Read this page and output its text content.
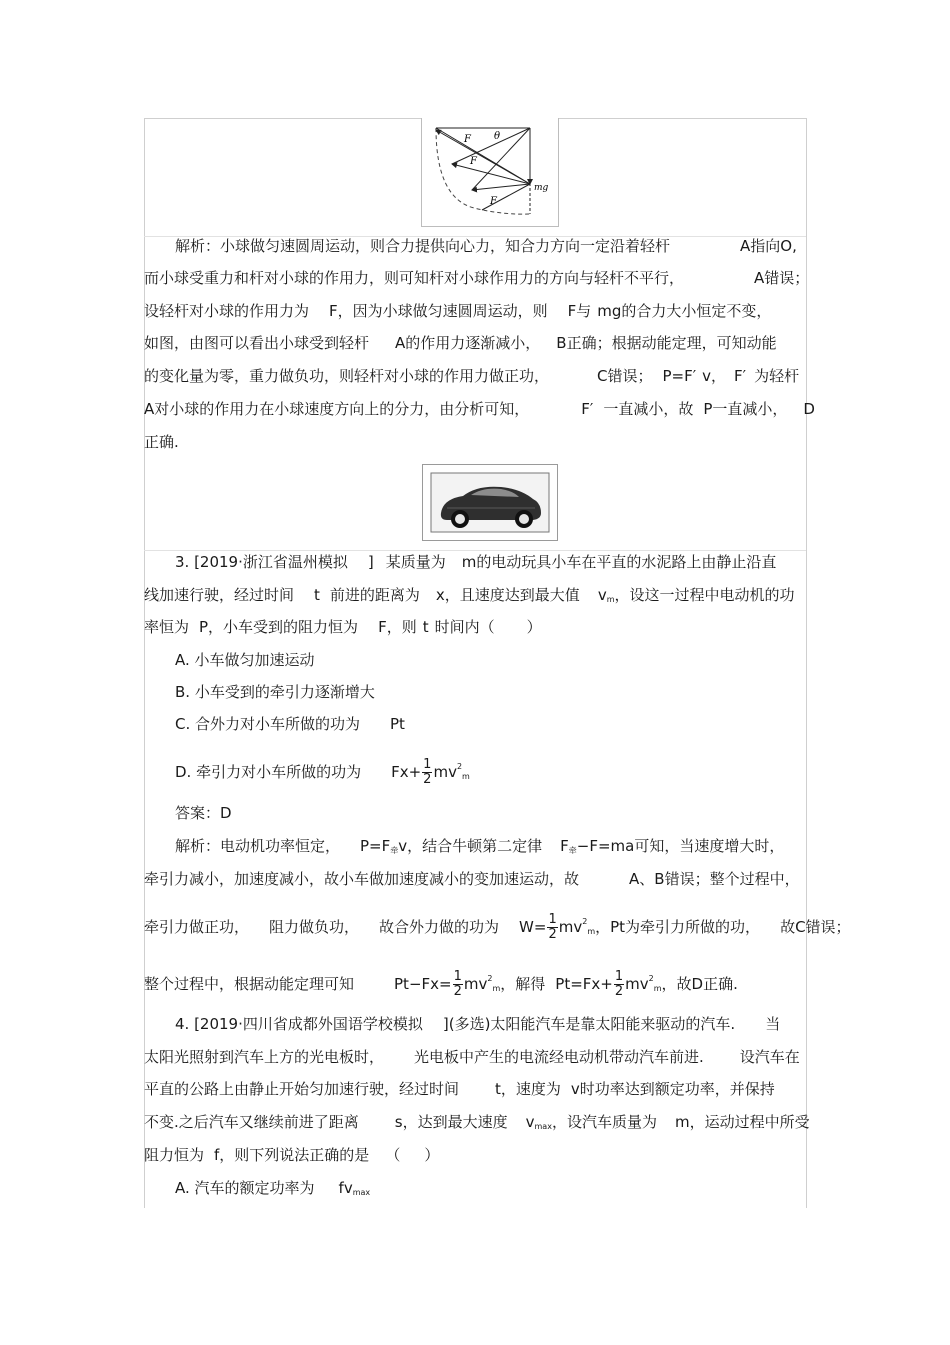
θ
F
F
F
mg
解析：小球做匀速圆周运动，则合力提供向心力，知合力方向一定沿着轻杆	A指向O,
而小球受重力和杆对小球的作用力，则可知杆对小球作用力的方向与轻杆不平行，	A错误；
设轻杆对小球的作用力为 F，因为小球做匀速圆周运动，则 F与 mg的合力大小恒定不变，
如图，由图可以看出小球受到轻杆 A的作用力逐渐减小， B正确；根据动能定理，可知动能
的变化量为零，重力做负功，则轻杆对小球的作用力做正功，	C错误； P=F′ v， F′ 为轻杆
A对小球的作用力在小球速度方向上的分力，由分析可知，	F′ 一直减小，故 P一直减小， D
正确.
3. [2019·浙江省温州模拟 ] 某质量为 m的电动玩具小车在平直的水泥路上由静止沿直
线加速行驶，经过时间 t 前进的距离为 x，且速度达到最大值 $v_m$，设这一过程中电动机的功
率恒为 P，小车受到的阻力恒为 F，则 t 时间内（ ）
A. 小车做匀加速运动
B. 小车受到的牵引力逐渐增大
C. 合外力对小车所做的功为 Pt
D. 牵引力对小车所做的功为 $Fx+ \frac{1}{2} mv^2_m$
答案：D
解析：电动机功率恒定， $P=F_牵v$，结合牛顿第二定律 $F_牵-F=ma$可知，当速度增大时，
牵引力减小，加速度减小，故小车做加速度减小的变加速运动，故	A、B错误；整个过程中，
牵引力做正功， 阻力做负功， 故合外力做的功为 $W= \frac{1}{2} mv^2_m$，Pt为牵引力所做的功， 故C错误；
整个过程中，根据动能定理可知	$Pt-Fx= \frac{1}{2} mv^2_m$，解得 $Pt=Fx+ \frac{1}{2} mv^2_m$，故D正确.
4. [2019·四川省成都外国语学校模拟 ](多选)太阳能汽车是靠太阳能来驱动的汽车. 当
太阳光照射到汽车上方的光电板时， 光电板中产生的电流经电动机带动汽车前进. 设汽车在
平直的公路上由静止开始匀加速行驶，经过时间 t，速度为 v时功率达到额定功率，并保持
不变.之后汽车又继续前进了距离 s，达到最大速度 $v_{max}$，设汽车质量为 m，运动过程中所受
阻力恒为 f，则下列说法正确的是 （ ）
A. 汽车的额定功率为 $fv_{max}$
